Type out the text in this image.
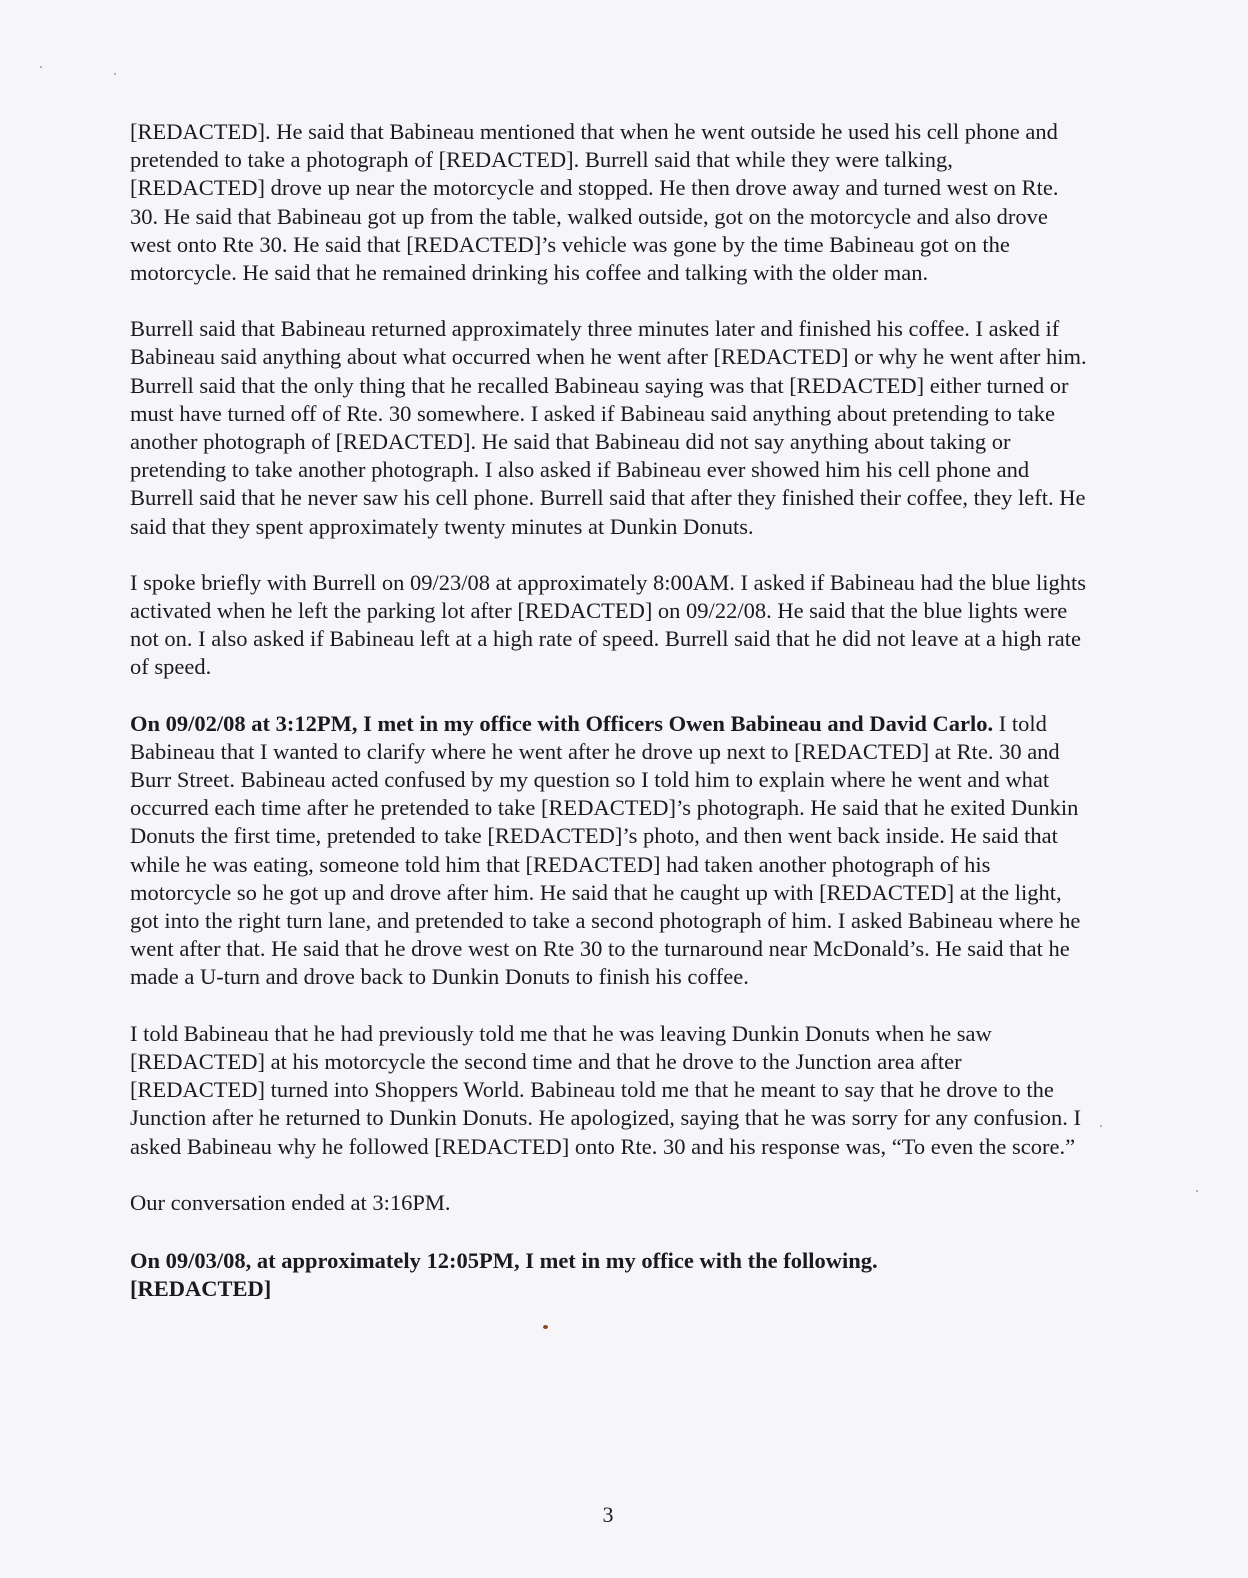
[REDACTED]. He said that Babineau mentioned that when he went outside he used his cell phone and pretended to take a photograph of [REDACTED]. Burrell said that while they were talking, [REDACTED] drove up near the motorcycle and stopped. He then drove away and turned west on Rte. 30. He said that Babineau got up from the table, walked outside, got on the motorcycle and also drove west onto Rte 30. He said that [REDACTED]’s vehicle was gone by the time Babineau got on the motorcycle. He said that he remained drinking his coffee and talking with the older man.

Burrell said that Babineau returned approximately three minutes later and finished his coffee. I asked if Babineau said anything about what occurred when he went after [REDACTED] or why he went after him. Burrell said that the only thing that he recalled Babineau saying was that [REDACTED] either turned or must have turned off of Rte. 30 somewhere. I asked if Babineau said anything about pretending to take another photograph of [REDACTED]. He said that Babineau did not say anything about taking or pretending to take another photograph. I also asked if Babineau ever showed him his cell phone and Burrell said that he never saw his cell phone. Burrell said that after they finished their coffee, they left. He said that they spent approximately twenty minutes at Dunkin Donuts.

I spoke briefly with Burrell on 09/23/08 at approximately 8:00AM. I asked if Babineau had the blue lights activated when he left the parking lot after [REDACTED] on 09/22/08. He said that the blue lights were not on. I also asked if Babineau left at a high rate of speed. Burrell said that he did not leave at a high rate of speed.

On 09/02/08 at 3:12PM, I met in my office with Officers Owen Babineau and David Carlo. I told Babineau that I wanted to clarify where he went after he drove up next to [REDACTED] at Rte. 30 and Burr Street. Babineau acted confused by my question so I told him to explain where he went and what occurred each time after he pretended to take [REDACTED]’s photograph. He said that he exited Dunkin Donuts the first time, pretended to take [REDACTED]’s photo, and then went back inside. He said that while he was eating, someone told him that [REDACTED] had taken another photograph of his motorcycle so he got up and drove after him. He said that he caught up with [REDACTED] at the light, got into the right turn lane, and pretended to take a second photograph of him. I asked Babineau where he went after that. He said that he drove west on Rte 30 to the turnaround near McDonald’s. He said that he made a U-turn and drove back to Dunkin Donuts to finish his coffee.

I told Babineau that he had previously told me that he was leaving Dunkin Donuts when he saw [REDACTED] at his motorcycle the second time and that he drove to the Junction area after [REDACTED] turned into Shoppers World. Babineau told me that he meant to say that he drove to the Junction after he returned to Dunkin Donuts. He apologized, saying that he was sorry for any confusion. I asked Babineau why he followed [REDACTED] onto Rte. 30 and his response was, “To even the score.”

Our conversation ended at 3:16PM.

On 09/03/08, at approximately 12:05PM, I met in my office with the following.
[REDACTED]

3
